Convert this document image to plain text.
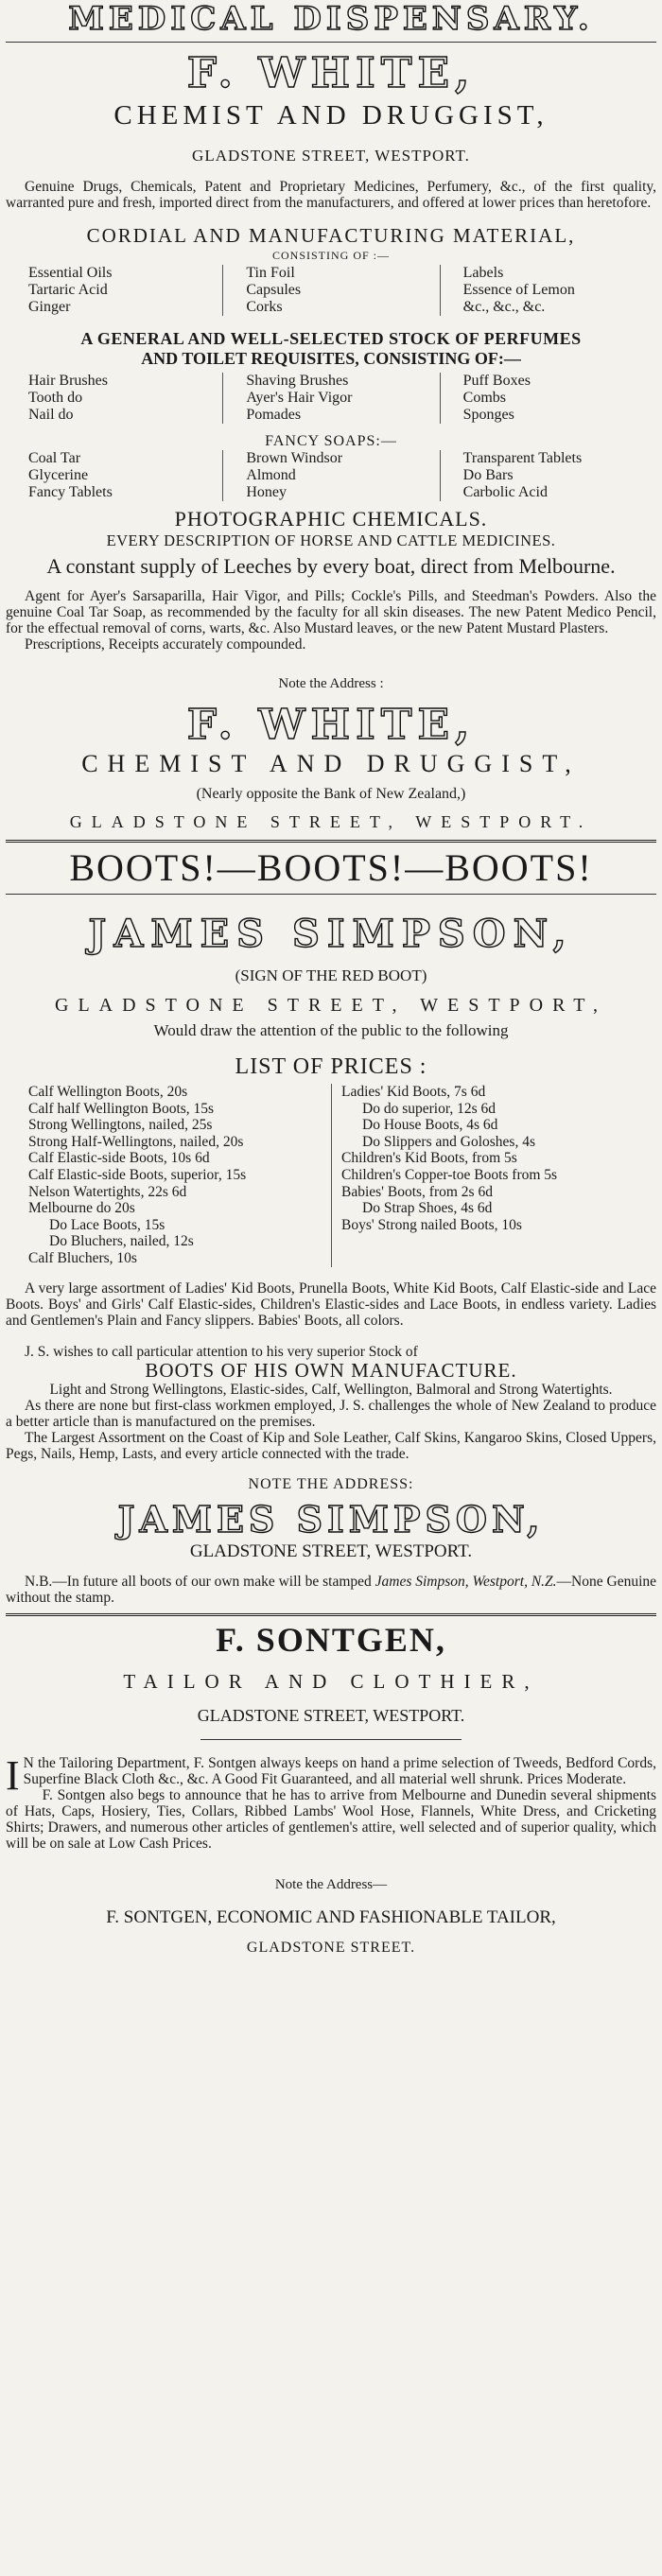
MEDICAL DISPENSARY.
F. WHITE,
CHEMIST AND DRUGGIST,
GLADSTONE STREET, WESTPORT.

Genuine Drugs, Chemicals, Patent and Proprietary Medicines, Perfumery, &c., of the first quality, warranted pure and fresh, imported direct from the manufacturers, and offered at lower prices than heretofore.

CORDIAL AND MANUFACTURING MATERIAL,
CONSISTING OF :—
Essential Oils
Tartaric Acid
Ginger
Tin Foil
Capsules
Corks
Labels
Essence of Lemon
&c., &c., &c.
A GENERAL AND WELL-SELECTED STOCK OF PERFUMES
AND TOILET REQUISITES, CONSISTING OF:—
Hair Brushes
Tooth do
Nail do
Shaving Brushes
Ayer's Hair Vigor
Pomades
Puff Boxes
Combs
Sponges
FANCY SOAPS:—
Coal Tar
Glycerine
Fancy Tablets
Brown Windsor
Almond
Honey
Transparent Tablets
Do Bars
Carbolic Acid
PHOTOGRAPHIC CHEMICALS.
EVERY DESCRIPTION OF HORSE AND CATTLE MEDICINES.

A constant supply of Leeches by every boat, direct from Melbourne.

Agent for Ayer's Sarsaparilla, Hair Vigor, and Pills; Cockle's Pills, and Steedman's Powders. Also the genuine Coal Tar Soap, as recommended by the faculty for all skin diseases. The new Patent Medico Pencil, for the effectual removal of corns, warts, &c. Also Mustard leaves, or the new Patent Mustard Plasters.

Prescriptions, Receipts accurately compounded.

Note the Address :
F. WHITE,
CHEMIST AND DRUGGIST,
(Nearly opposite the Bank of New Zealand,)
GLADSTONE STREET, WESTPORT.
BOOTS!—BOOTS!—BOOTS!
JAMES SIMPSON,
(SIGN OF THE RED BOOT)
GLADSTONE STREET, WESTPORT,
Would draw the attention of the public to the following
LIST OF PRICES :
Calf Wellington Boots, 20s
Calf half Wellington Boots, 15s
Strong Wellingtons, nailed, 25s
Strong Half-Wellingtons, nailed, 20s
Calf Elastic-side Boots, 10s 6d
Calf Elastic-side Boots, superior, 15s
Nelson Watertights, 22s 6d
Melbourne do 20s
Do Lace Boots, 15s
Do Bluchers, nailed, 12s
Calf Bluchers, 10s
Ladies' Kid Boots, 7s 6d
Do do superior, 12s 6d
Do House Boots, 4s 6d
Do Slippers and Goloshes, 4s
Children's Kid Boots, from 5s
Children's Copper-toe Boots from 5s
Babies' Boots, from 2s 6d
Do Strap Shoes, 4s 6d
Boys' Strong nailed Boots, 10s

A very large assortment of Ladies' Kid Boots, Prunella Boots, White Kid Boots, Calf Elastic-side and Lace Boots. Boys' and Girls' Calf Elastic-sides, Children's Elastic-sides and Lace Boots, in endless variety. Ladies and Gentlemen's Plain and Fancy slippers. Babies' Boots, all colors.

J. S. wishes to call particular attention to his very superior Stock of

BOOTS OF HIS OWN MANUFACTURE.

Light and Strong Wellingtons, Elastic-sides, Calf, Wellington, Balmoral and Strong Watertights.

As there are none but first-class workmen employed, J. S. challenges the whole of New Zealand to produce a better article than is manufactured on the premises.

The Largest Assortment on the Coast of Kip and Sole Leather, Calf Skins, Kangaroo Skins, Closed Uppers, Pegs, Nails, Hemp, Lasts, and every article connected with the trade.

NOTE THE ADDRESS:
JAMES SIMPSON,
GLADSTONE STREET, WESTPORT.

N.B.—In future all boots of our own make will be stamped James Simpson, Westport, N.Z.—None Genuine without the stamp.

F. SONTGEN,
TAILOR AND CLOTHIER,
GLADSTONE STREET, WESTPORT.

I N the Tailoring Department, F. Sontgen always keeps on hand a prime selection of Tweeds, Bedford Cords, Superfine Black Cloth &c., &c. A Good Fit Guaranteed, and all material well shrunk. Prices Moderate.

F. Sontgen also begs to announce that he has to arrive from Melbourne and Dunedin several shipments of Hats, Caps, Hosiery, Ties, Collars, Ribbed Lambs' Wool Hose, Flannels, White Dress, and Cricketing Shirts; Drawers, and numerous other articles of gentlemen's attire, well selected and of superior quality, which will be on sale at Low Cash Prices.

Note the Address—
F. SONTGEN, ECONOMIC AND FASHIONABLE TAILOR,
GLADSTONE STREET.
